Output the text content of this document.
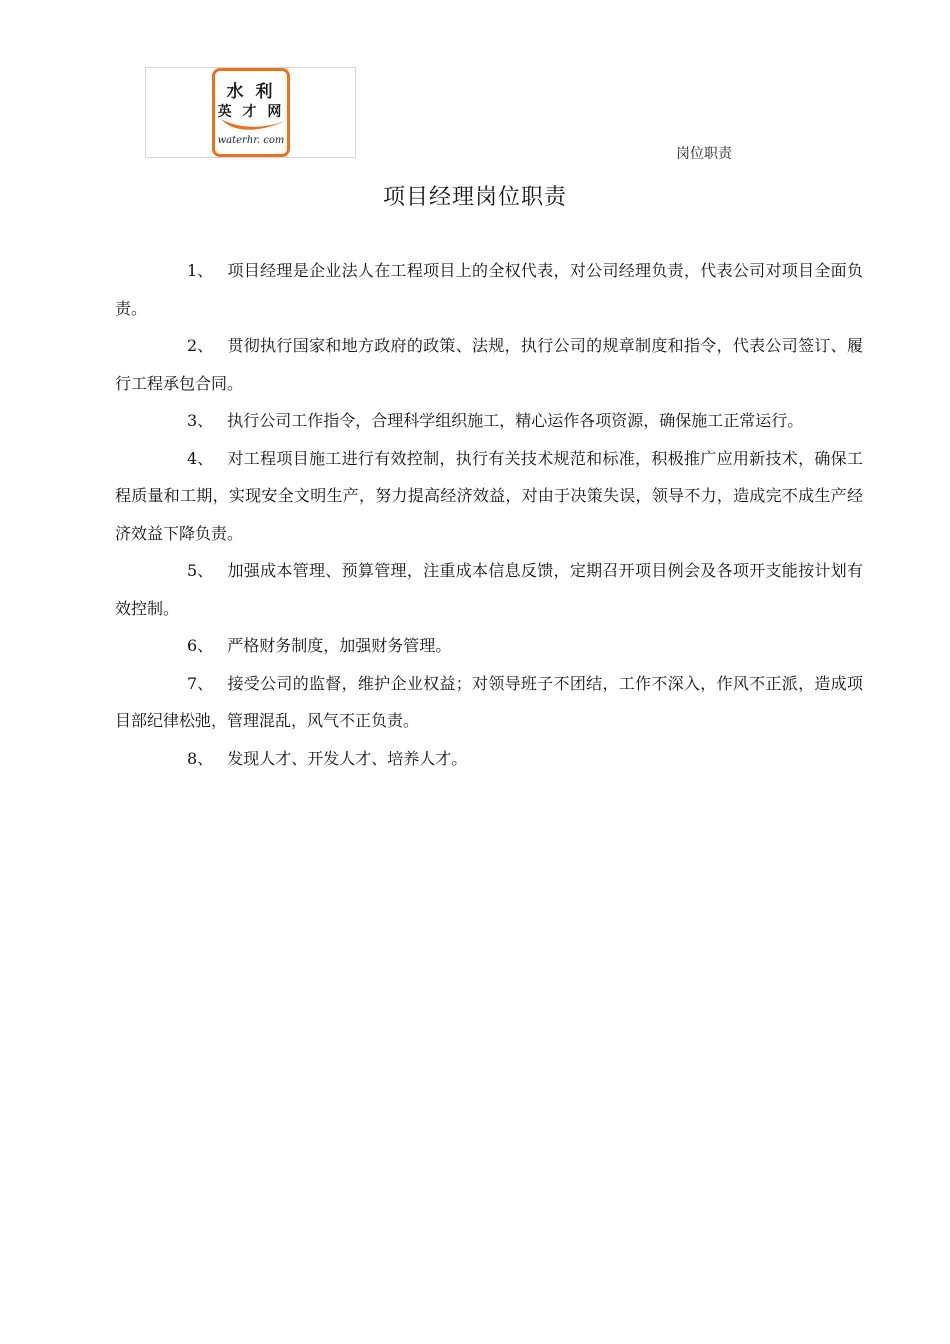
水 利
英 才 网
waterhr. com
岗位职责
项目经理岗位职责

1、 项目经理是企业法人在工程项目上的全权代表，对公司经理负责，代表公司对项目全面负责。

2、 贯彻执行国家和地方政府的政策、法规，执行公司的规章制度和指令，代表公司签订、履行工程承包合同。

3、 执行公司工作指令，合理科学组织施工，精心运作各项资源，确保施工正常运行。

4、 对工程项目施工进行有效控制，执行有关技术规范和标准，积极推广应用新技术，确保工程质量和工期，实现安全文明生产，努力提高经济效益，对由于决策失误，领导不力，造成完不成生产经济效益下降负责。

5、 加强成本管理、预算管理，注重成本信息反馈，定期召开项目例会及各项开支能按计划有效控制。

6、 严格财务制度，加强财务管理。

7、 接受公司的监督，维护企业权益；对领导班子不团结，工作不深入，作风不正派，造成项目部纪律松弛，管理混乱，风气不正负责。

8、 发现人才、开发人才、培养人才。
